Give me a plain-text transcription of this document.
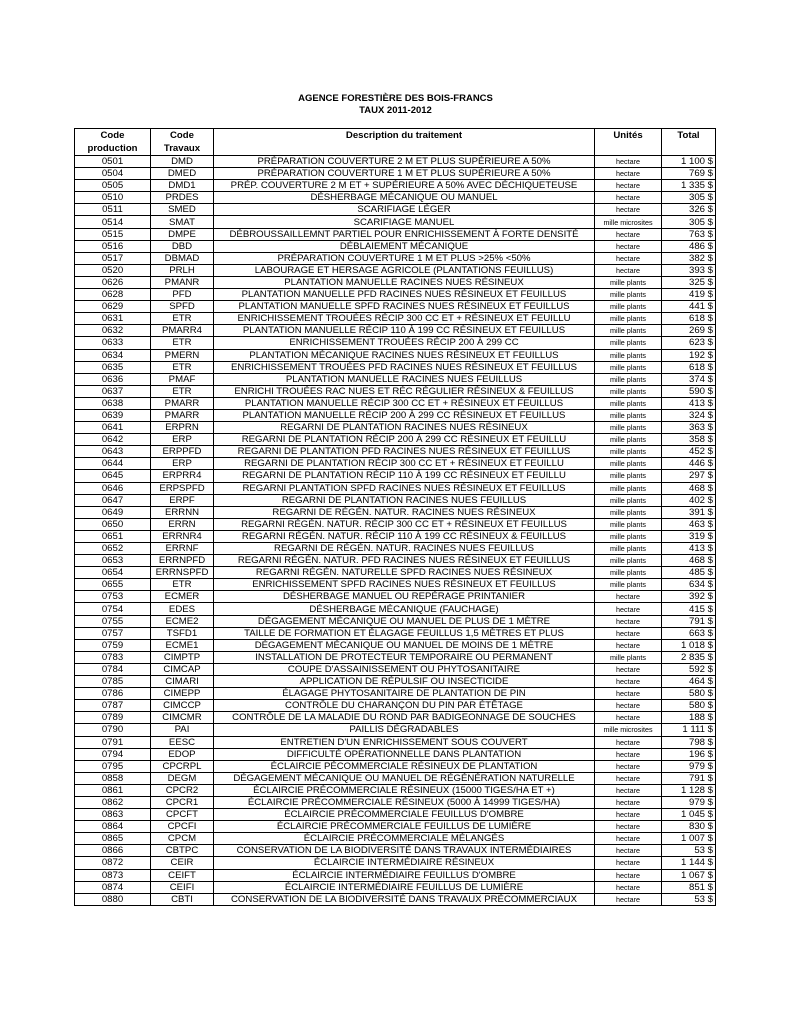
AGENCE FORESTIÈRE DES BOIS-FRANCS
TAUX 2011-2012
Code production	Code Travaux	Description du traitement	Unités	Total
0501	DMD	PRÉPARATION COUVERTURE 2 M ET PLUS SUPÉRIEURE A 50%	hectare	1 100 $
0504	DMED	PRÉPARATION COUVERTURE 1 M ET PLUS SUPÉRIEURE A 50%	hectare	769 $
0505	DMD1	PRÉP. COUVERTURE 2 M ET + SUPÉRIEURE A 50% AVEC DÉCHIQUETEUSE	hectare	1 335 $
0510	PRDES	DÉSHERBAGE MÉCANIQUE OU MANUEL	hectare	305 $
0511	SMED	SCARIFIAGE LÉGER	hectare	326 $
0514	SMAT	SCARIFIAGE MANUEL	mille microsites	305 $
0515	DMPE	DÉBROUSSAILLEMNT PARTIEL POUR ENRICHISSEMENT À FORTE DENSITÉ	hectare	763 $
0516	DBD	DÉBLAIEMENT MÉCANIQUE	hectare	486 $
0517	DBMAD	PRÉPARATION COUVERTURE 1 M ET PLUS >25% <50%	hectare	382 $
0520	PRLH	LABOURAGE ET HERSAGE AGRICOLE (PLANTATIONS FEUILLUS)	hectare	393 $
0626	PMANR	PLANTATION MANUELLE RACINES NUES RÉSINEUX	mille plants	325 $
0628	PFD	PLANTATION MANUELLE PFD RACINES NUES RÉSINEUX ET FEUILLUS	mille plants	419 $
0629	SPFD	PLANTATION MANUELLE SPFD RACINES NUES RÉSINEUX ET FEUILLUS	mille plants	441 $
0631	ETR	ENRICHISSEMENT TROUÉES RÉCIP 300 CC ET + RÉSINEUX ET FEUILLU	mille plants	618 $
0632	PMARR4	PLANTATION MANUELLE RÉCIP 110 À 199 CC RÉSINEUX ET FEUILLUS	mille plants	269 $
0633	ETR	ENRICHISSEMENT TROUÉES RÉCIP 200 À 299 CC	mille plants	623 $
0634	PMERN	PLANTATION MÉCANIQUE RACINES NUES RÉSINEUX ET FEUILLUS	mille plants	192 $
0635	ETR	ENRICHISSEMENT TROUÉES PFD RACINES NUES RÉSINEUX ET FEUILLUS	mille plants	618 $
0636	PMAF	PLANTATION MANUELLE RACINES NUES FEUILLUS	mille plants	374 $
0637	ETR	ENRICHI TROUÉES RAC NUES ET RÉC RÉGULIER RÉSINEUX & FEUILLUS	mille plants	590 $
0638	PMARR	PLANTATION MANUELLE RÉCIP 300 CC ET + RÉSINEUX ET FEUILLUS	mille plants	413 $
0639	PMARR	PLANTATION MANUELLE RÉCIP 200 À 299 CC RÉSINEUX ET FEUILLUS	mille plants	324 $
0641	ERPRN	REGARNI DE PLANTATION RACINES NUES RÉSINEUX	mille plants	363 $
0642	ERP	REGARNI DE PLANTATION RÉCIP 200 À 299 CC RÉSINEUX ET FEUILLU	mille plants	358 $
0643	ERPPFD	REGARNI DE PLANTATION PFD RACINES NUES RÉSINEUX ET FEUILLUS	mille plants	452 $
0644	ERP	REGARNI DE PLANTATION RÉCIP 300 CC ET + RÉSINEUX ET FEUILLU	mille plants	446 $
0645	ERPRR4	REGARNI DE PLANTATION RÉCIP 110 À 199 CC RÉSINEUX ET FEUILLU	mille plants	297 $
0646	ERPSPFD	REGARNI PLANTATION SPFD RACINES NUES RÉSINEUX ET FEUILLUS	mille plants	468 $
0647	ERPF	REGARNI DE PLANTATION RACINES NUES FEUILLUS	mille plants	402 $
0649	ERRNN	REGARNI DE RÉGÉN. NATUR. RACINES NUES RÉSINEUX	mille plants	391 $
0650	ERRN	REGARNI RÉGÉN. NATUR. RÉCIP 300 CC ET + RÉSINEUX ET FEUILLUS	mille plants	463 $
0651	ERRNR4	REGARNI RÉGÉN. NATUR. RÉCIP 110 À 199 CC RÉSINEUX & FEUILLUS	mille plants	319 $
0652	ERRNF	REGARNI DE RÉGÉN. NATUR. RACINES NUES FEUILLUS	mille plants	413 $
0653	ERRNPFD	REGARNI RÉGÉN. NATUR. PFD RACINES NUES RÉSINEUX ET FEUILLUS	mille plants	468 $
0654	ERRNSPFD	REGARNI RÉGÉN. NATURELLE SPFD RACINES NUES RÉSINEUX	mille plants	485 $
0655	ETR	ENRICHISSEMENT SPFD RACINES NUES RÉSINEUX ET FEUILLUS	mille plants	634 $
0753	ECMER	DÉSHERBAGE MANUEL OU REPÉRAGE PRINTANIER	hectare	392 $
0754	EDES	DÉSHERBAGE MÉCANIQUE (FAUCHAGE)	hectare	415 $
0755	ECME2	DÉGAGEMENT MÉCANIQUE OU MANUEL DE PLUS DE 1 MÈTRE	hectare	791 $
0757	TSFD1	TAILLE DE FORMATION ET ÉLAGAGE FEUILLUS 1,5 MÈTRES ET PLUS	hectare	663 $
0759	ECME1	DÉGAGEMENT MÉCANIQUE OU MANUEL DE MOINS DE 1 MÈTRE	hectare	1 018 $
0783	CIMPTP	INSTALLATION DE PROTECTEUR TEMPORAIRE OU PERMANENT	mille plants	2 835 $
0784	CIMCAP	COUPE D'ASSAINISSEMENT OU PHYTOSANITAIRE	hectare	592 $
0785	CIMARI	APPLICATION DE RÉPULSIF OU INSECTICIDE	hectare	464 $
0786	CIMEPP	ÉLAGAGE PHYTOSANITAIRE DE PLANTATION DE PIN	hectare	580 $
0787	CIMCCP	CONTRÔLE DU CHARANÇON DU PIN PAR ÉTÊTAGE	hectare	580 $
0789	CIMCMR	CONTRÔLE DE LA MALADIE DU ROND PAR BADIGEONNAGE DE SOUCHES	hectare	188 $
0790	PAI	PAILLIS DÉGRADABLES	mille microsites	1 111 $
0791	EESC	ENTRETIEN D'UN ENRICHISSEMENT SOUS COUVERT	hectare	798 $
0794	EDOP	DIFFICULTÉ OPÉRATIONNELLE DANS PLANTATION	hectare	196 $
0795	CPCRPL	ÉCLAIRCIE PÉCOMMERCIALE RÉSINEUX DE PLANTATION	hectare	979 $
0858	DEGM	DÉGAGEMENT MÉCANIQUE OU MANUEL DE RÉGÉNÉRATION NATURELLE	hectare	791 $
0861	CPCR2	ÉCLAIRCIE PRÉCOMMERCIALE RÉSINEUX (15000 TIGES/HA ET +)	hectare	1 128 $
0862	CPCR1	ÉCLAIRCIE PRÉCOMMERCIALE RÉSINEUX (5000 À 14999 TIGES/HA)	hectare	979 $
0863	CPCFT	ÉCLAIRCIE PRÉCOMMERCIALE FEUILLUS D'OMBRE	hectare	1 045 $
0864	CPCFI	ÉCLAIRCIE PRÉCOMMERCIALE FEUILLUS DE LUMIÈRE	hectare	830 $
0865	CPCM	ÉCLAIRCIE PRÉCOMMERCIALE MÉLANGÉS	hectare	1 007 $
0866	CBTPC	CONSERVATION DE LA BIODIVERSITÉ DANS TRAVAUX INTERMÉDIAIRES	hectare	53 $
0872	CEIR	ÉCLAIRCIE INTERMÉDIAIRE RÉSINEUX	hectare	1 144 $
0873	CEIFT	ÉCLAIRCIE INTERMÉDIAIRE FEUILLUS D'OMBRE	hectare	1 067 $
0874	CEIFI	ÉCLAIRCIE INTERMÉDIAIRE FEUILLUS DE LUMIÈRE	hectare	851 $
0880	CBTI	CONSERVATION DE LA BIODIVERSITÉ DANS TRAVAUX PRÉCOMMERCIAUX	hectare	53 $
